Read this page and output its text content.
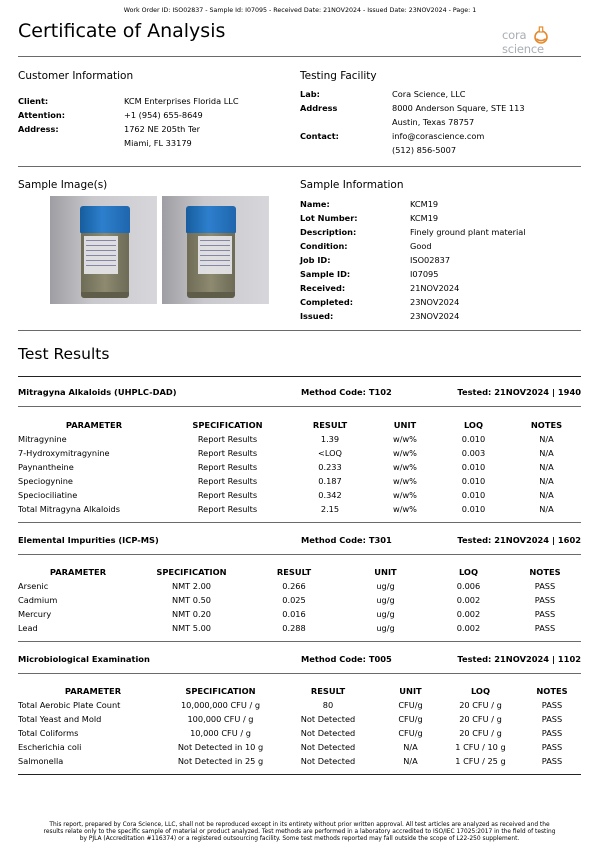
Work Order ID: ISO02837 - Sample Id: I07095 - Received Date: 21NOV2024 - Issued Date: 23NOV2024 - Page: 1
Certificate of Analysis	corascience
Customer Information
Client:	KCM Enterprises Florida LLC
Attention:	+1 (954) 655-8649
Address:	1762 NE 205th Ter
Miami, FL 33179
Testing Facility
Lab:	Cora Science, LLC
Address	8000 Anderson Square, STE 113
Austin, Texas 78757
Contact:	info@corascience.com
(512) 856-5007
Sample Image(s)	Sample Information
Name:	KCM19
Lot Number:	KCM19
Description:	Finely ground plant material
Condition:	Good
Job ID:	ISO02837
Sample ID:	I07095
Received:	21NOV2024
Completed:	23NOV2024
Issued:	23NOV2024
Test Results
Mitragyna Alkaloids (UHPLC-DAD)	Method Code: T102	Tested: 21NOV2024 | 1940
PARAMETER	SPECIFICATION	RESULT	UNIT	LOQ	NOTES
Mitragynine	Report Results	1.39	w/w%	0.010	N/A
7-Hydroxymitragynine	Report Results	<LOQ	w/w%	0.003	N/A
Paynantheine	Report Results	0.233	w/w%	0.010	N/A
Speciogynine	Report Results	0.187	w/w%	0.010	N/A
Speciociliatine	Report Results	0.342	w/w%	0.010	N/A
Total Mitragyna Alkaloids	Report Results	2.15	w/w%	0.010	N/A
Elemental Impurities (ICP-MS)	Method Code: T301	Tested: 21NOV2024 | 1602
PARAMETER	SPECIFICATION	RESULT	UNIT	LOQ	NOTES
Arsenic	NMT 2.00	0.266	ug/g	0.006	PASS
Cadmium	NMT 0.50	0.025	ug/g	0.002	PASS
Mercury	NMT 0.20	0.016	ug/g	0.002	PASS
Lead	NMT 5.00	0.288	ug/g	0.002	PASS
Microbiological Examination	Method Code: T005	Tested: 21NOV2024 | 1102
PARAMETER	SPECIFICATION	RESULT	UNIT	LOQ	NOTES
Total Aerobic Plate Count	10,000,000 CFU / g	80	CFU/g	20 CFU / g	PASS
Total Yeast and Mold	100,000 CFU / g	Not Detected	CFU/g	20 CFU / g	PASS
Total Coliforms	10,000 CFU / g	Not Detected	CFU/g	20 CFU / g	PASS
Escherichia coli	Not Detected in 10 g	Not Detected	N/A	1 CFU / 10 g	PASS
Salmonella	Not Detected in 25 g	Not Detected	N/A	1 CFU / 25 g	PASS
This report, prepared by Cora Science, LLC, shall not be reproduced except in its entirety without prior written approval. All test articles are analyzed as received and the
results relate only to the specific sample of material or product analyzed. Test methods are performed in a laboratory accredited to ISO/IEC 17025:2017 in the field of testing
by PJLA (Accreditation #116374) or a registered outsourcing facility. Some test methods reported may fall outside the scope of L22-250 supplement.
